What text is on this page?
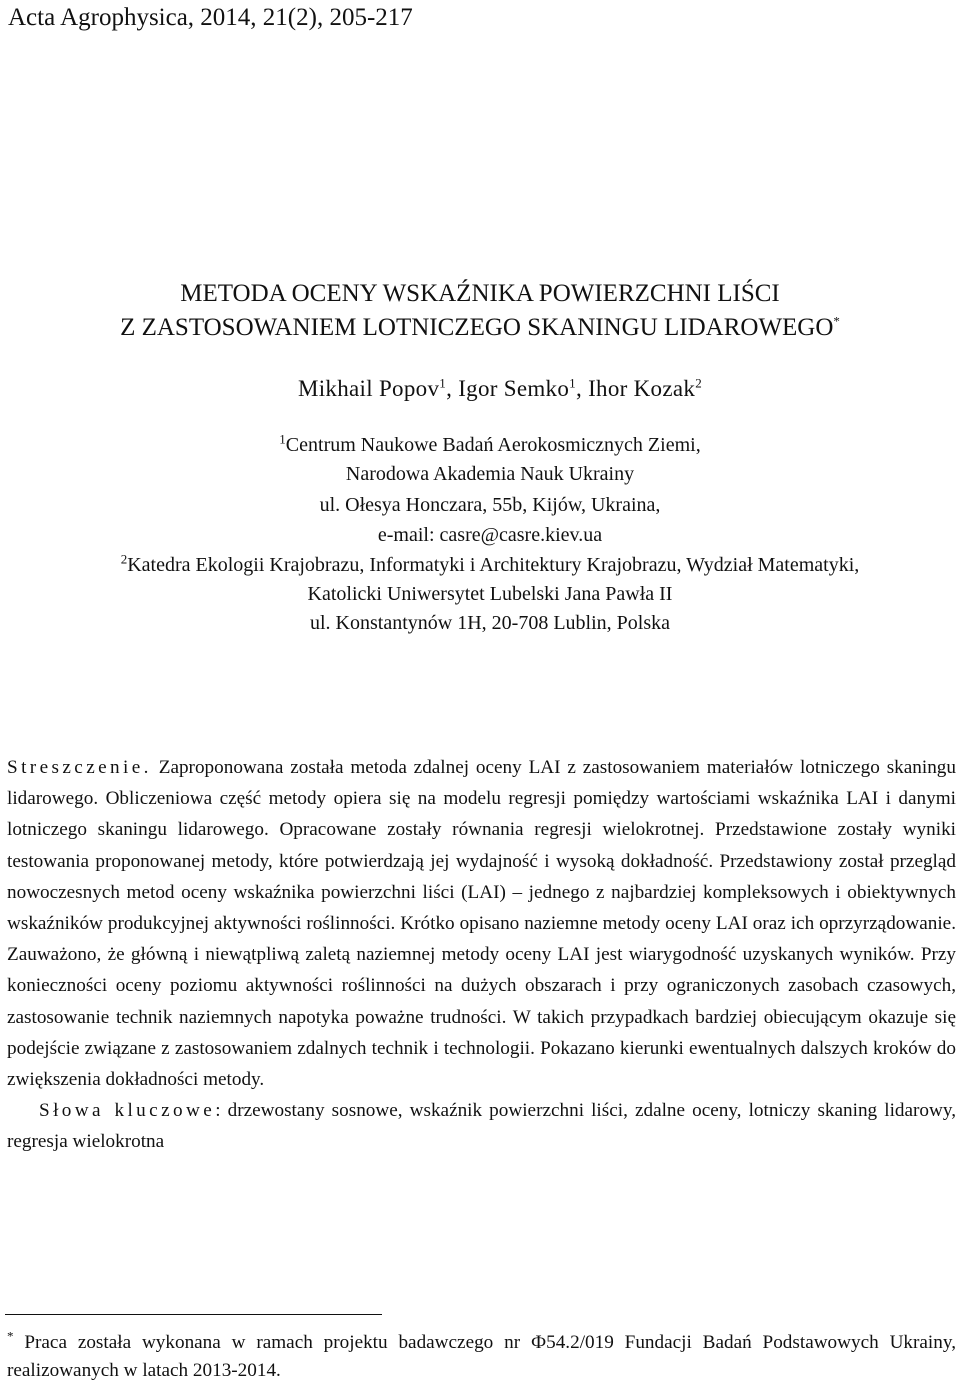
Acta Agrophysica, 2014, 21(2), 205-217
METODA OCENY WSKAŹNIKA POWIERZCHNI LIŚCI
Z ZASTOSOWANIEM LOTNICZEGO SKANINGU LIDAROWEGO*
Mikhail Popov$^1$, Igor Semko$^1$, Ihor Kozak$^2$
$^1$Centrum Naukowe Badań Aerokosmicznych Ziemi,
Narodowa Akademia Nauk Ukrainy
ul. Ołesya Honczara, 55b, Kijów, Ukraina,
e-mail: casre@casre.kiev.ua
$^2$Katedra Ekologii Krajobrazu, Informatyki i Architektury Krajobrazu, Wydział Matematyki,
Katolicki Uniwersytet Lubelski Jana Pawła II
ul. Konstantynów 1H, 20-708 Lublin, Polska
Streszczenie. Zaproponowana została metoda zdalnej oceny LAI z zastosowaniem materiałów lotniczego skaningu lidarowego. Obliczeniowa część metody opiera się na modelu regresji pomiędzy wartościami wskaźnika LAI i danymi lotniczego skaningu lidarowego. Opracowane zostały równania regresji wielokrotnej. Przedstawione zostały wyniki testowania proponowanej metody, które potwierdzają jej wydajność i wysoką dokładność. Przedstawiony został przegląd nowoczesnych metod oceny wskaźnika powierzchni liści (LAI) – jednego z najbardziej kompleksowych i obiektywnych wskaźników produkcyjnej aktywności roślinności. Krótko opisano naziemne metody oceny LAI oraz ich oprzyrządowanie. Zauważono, że główną i niewątpliwą zaletą naziemnej metody oceny LAI jest wiarygodność uzyskanych wyników. Przy konieczności oceny poziomu aktywności roślinności na dużych obszarach i przy ograniczonych zasobach czasowych, zastosowanie technik naziemnych napotyka poważne trudności. W takich przypadkach bardziej obiecującym okazuje się podejście związane z zastosowaniem zdalnych technik i technologii. Pokazano kierunki ewentualnych dalszych kroków do zwiększenia dokładności metody.
Słowa kluczowe: drzewostany sosnowe, wskaźnik powierzchni liści, zdalne oceny, lotniczy skaning lidarowy, regresja wielokrotna
* Praca została wykonana w ramach projektu badawczego nr Ф54.2/019 Fundacji Badań Podstawowych Ukrainy, realizowanych w latach 2013-2014.
